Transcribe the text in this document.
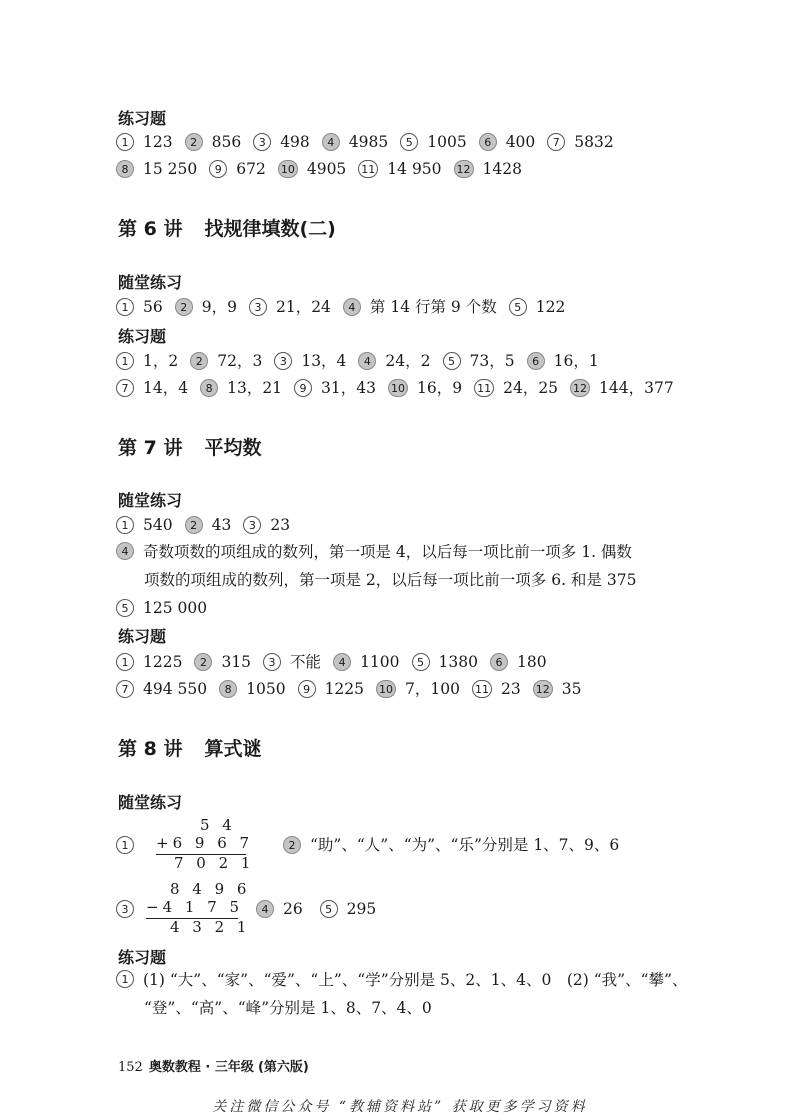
练习题
1 123	2 856	3 498	4 4985	5 1005	6 400	7 5832
8 15 250	9 672 10 4905 11 14 950 12 1428
第 6 讲 找规律填数(二)
随堂练习
1 56	2 9，9	3 21，24	4 第 14 行第 9 个数	5 122
练习题
1 1，2	2 72，3	3 13，4	4 24，2	5 73，5	6 16，1
7 14，4	8 13，21	9 31，43 10 16，9 11 24，25 12 144，377
第 7 讲 平均数
随堂练习
1 540	2 43	3 23
4 奇数项数的项组成的数列，第一项是 4，以后每一项比前一项多 1. 偶数
项数的项组成的数列，第一项是 2，以后每一项比前一项多 6. 和是 375
5 125 000
练习题
1 1225	2 315	3 不能	4 1100	5 1380	6 180
7 494 550	8 1050	9 1225 10 7，100 11 23 12 35
第 8 讲 算式谜
随堂练习
1
5 4
+6 9 6 7
7 0 2 1
2 “助”、“人”、“为”、“乐”分别是 1、7、9、6
3
8 4 9 6
−4 1 7 5
4 3 2 1
4 26
	5 295
练习题
1 (1) “大”、“家”、“爱”、“上”、“学”分别是 5、2、1、4、0　(2) “我”、“攀”、
“登”、“高”、“峰”分别是 1、8、7、4、0
152 奥数教程 · 三年级 (第六版)
关注微信公众号 “教辅资料站” 获取更多学习资料
